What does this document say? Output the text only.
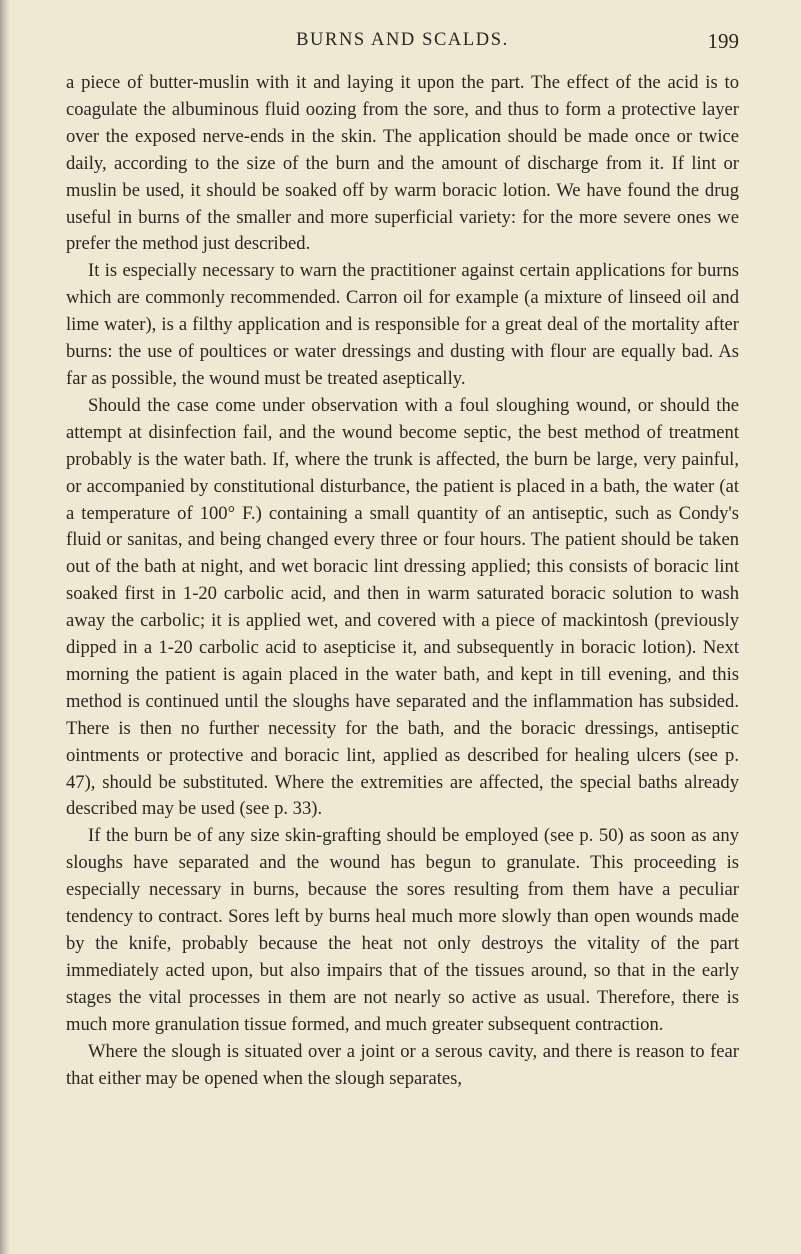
BURNS AND SCALDS.	199

a piece of butter-muslin with it and laying it upon the part. The effect of the acid is to coagulate the albuminous fluid oozing from the sore, and thus to form a protective layer over the exposed nerve-ends in the skin. The application should be made once or twice daily, according to the size of the burn and the amount of discharge from it. If lint or muslin be used, it should be soaked off by warm boracic lotion. We have found the drug useful in burns of the smaller and more superficial variety: for the more severe ones we prefer the method just described.

It is especially necessary to warn the practitioner against certain applications for burns which are commonly recommended. Carron oil for example (a mixture of linseed oil and lime water), is a filthy application and is responsible for a great deal of the mortality after burns: the use of poultices or water dressings and dusting with flour are equally bad. As far as possible, the wound must be treated aseptically.

Should the case come under observation with a foul sloughing wound, or should the attempt at disinfection fail, and the wound become septic, the best method of treatment probably is the water bath. If, where the trunk is affected, the burn be large, very painful, or accompanied by constitutional disturbance, the patient is placed in a bath, the water (at a temperature of 100° F.) containing a small quantity of an antiseptic, such as Condy's fluid or sanitas, and being changed every three or four hours. The patient should be taken out of the bath at night, and wet boracic lint dressing applied; this consists of boracic lint soaked first in 1-20 carbolic acid, and then in warm saturated boracic solution to wash away the carbolic; it is applied wet, and covered with a piece of mackintosh (previously dipped in a 1-20 carbolic acid to asepticise it, and subsequently in boracic lotion). Next morning the patient is again placed in the water bath, and kept in till evening, and this method is continued until the sloughs have separated and the inflammation has subsided. There is then no further necessity for the bath, and the boracic dressings, antiseptic ointments or protective and boracic lint, applied as described for healing ulcers (see p. 47), should be substituted. Where the extremities are affected, the special baths already described may be used (see p. 33).

If the burn be of any size skin-grafting should be employed (see p. 50) as soon as any sloughs have separated and the wound has begun to granulate. This proceeding is especially necessary in burns, because the sores resulting from them have a peculiar tendency to contract. Sores left by burns heal much more slowly than open wounds made by the knife, probably because the heat not only destroys the vitality of the part immediately acted upon, but also impairs that of the tissues around, so that in the early stages the vital processes in them are not nearly so active as usual. Therefore, there is much more granulation tissue formed, and much greater subsequent contraction.

Where the slough is situated over a joint or a serous cavity, and there is reason to fear that either may be opened when the slough separates,
